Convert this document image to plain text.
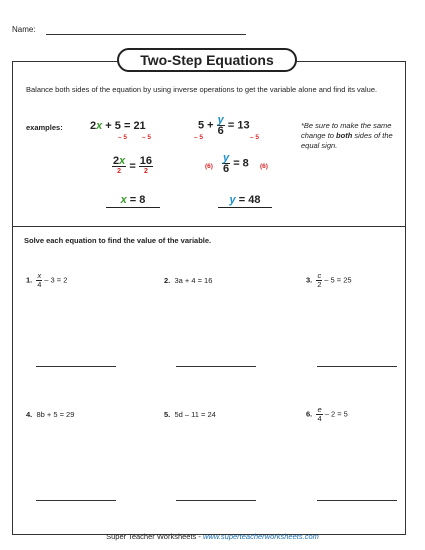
Name:
Two-Step Equations
Balance both sides of the equation by using inverse operations to get the variable alone and find its value.
examples: 2x + 5 = 21
– 5 – 5
$\frac{2x}{2} = \frac{16}{2}$
x = 8
$5 + \frac{y}{6} = 13$
– 5	– 5
$(6) \frac{y}{6} = 8$ (6)
y = 48
*Be sure to make the same change to both sides of the equal sign.
Solve each equation to find the value of the variable.
1. $\frac{x}{4} - 3 = 2$	2. 3a + 4 = 16	3. $\frac{c}{2} - 5 = 25$
4. 8b + 5 = 29	5. 5d – 11 = 24	6. $\frac{e}{4} - 2 = 5$
Super Teacher Worksheets - www.superteacherworksheets.com
